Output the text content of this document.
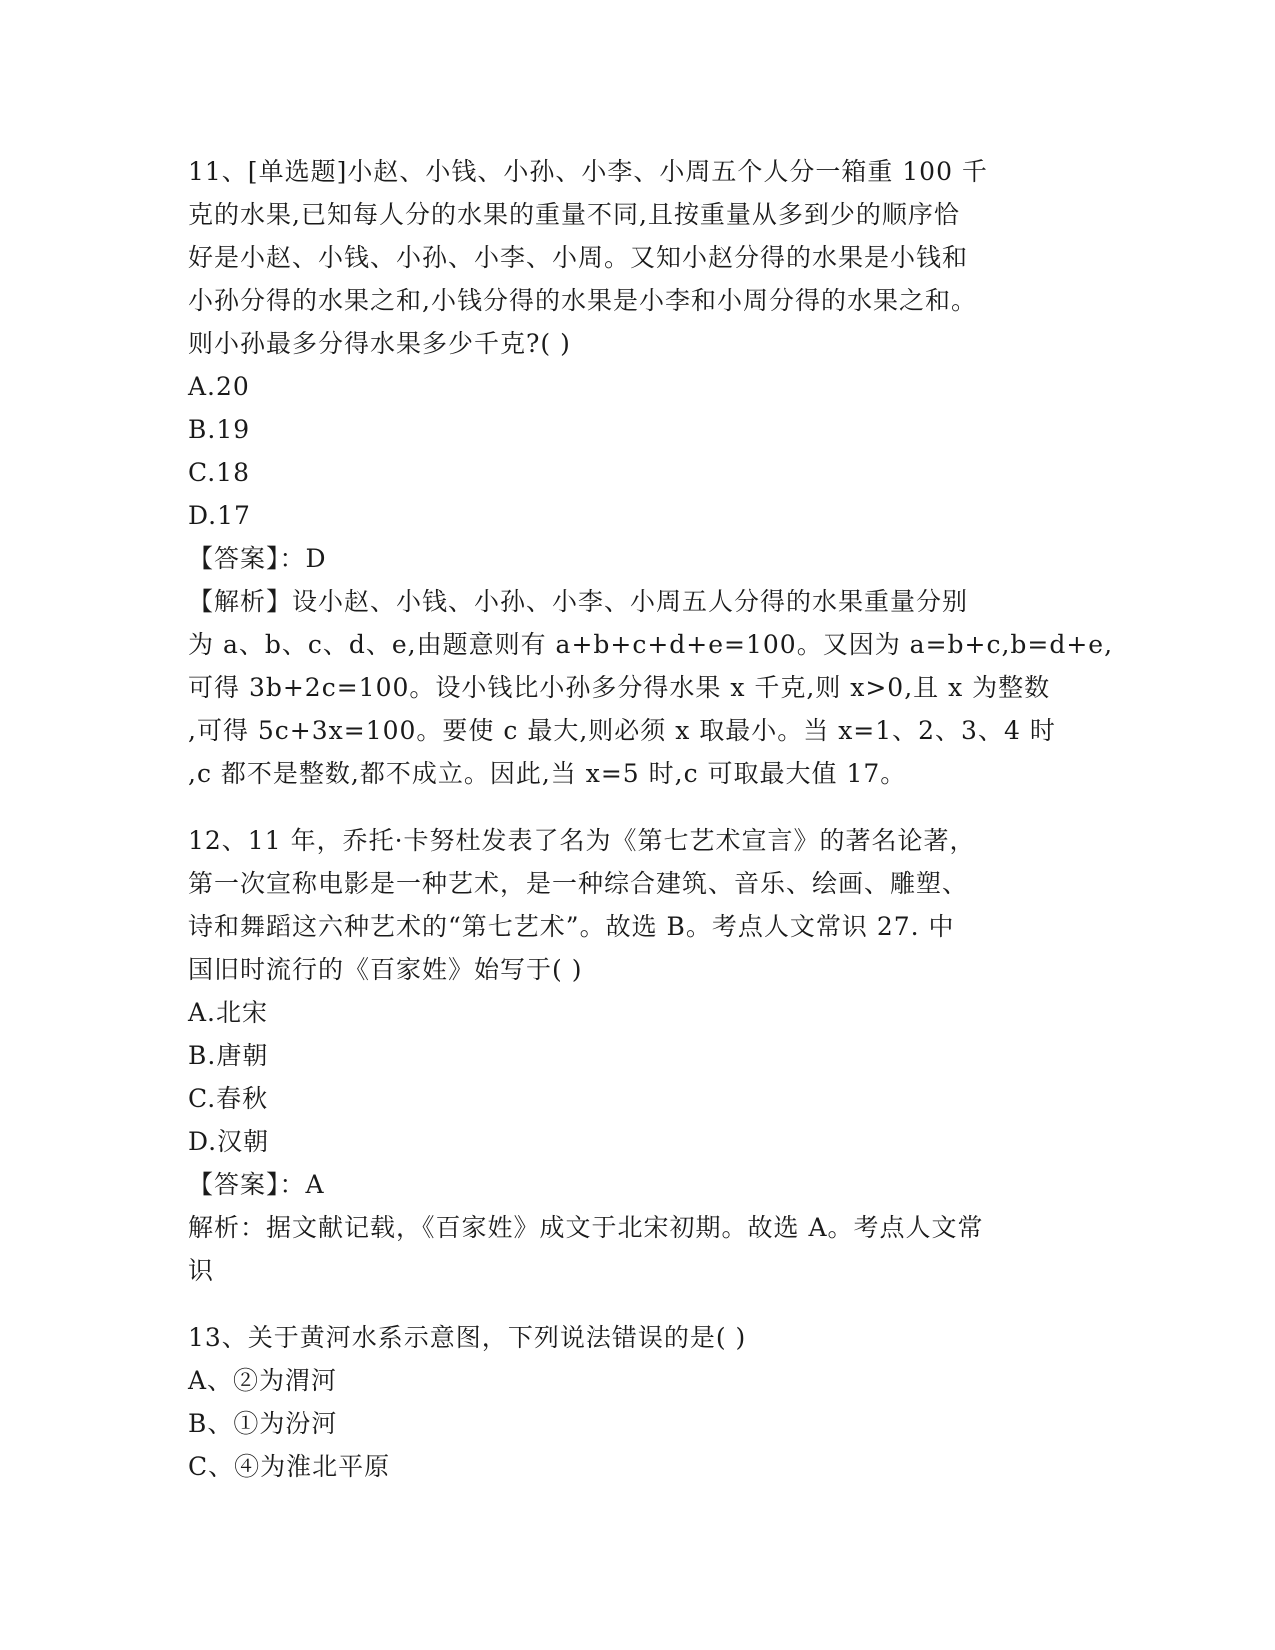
11、[单选题]小赵、小钱、小孙、小李、小周五个人分一箱重 100 千
克的水果,已知每人分的水果的重量不同,且按重量从多到少的顺序恰
好是小赵、小钱、小孙、小李、小周。又知小赵分得的水果是小钱和
小孙分得的水果之和,小钱分得的水果是小李和小周分得的水果之和。
则小孙最多分得水果多少千克?( )
A.20
B.19
C.18
D.17
【答案】：D
【解析】设小赵、小钱、小孙、小李、小周五人分得的水果重量分别
为 a、b、c、d、e,由题意则有 a+b+c+d+e=100。又因为 a=b+c,b=d+e,
可得 3b+2c=100。设小钱比小孙多分得水果 x 千克,则 x>0,且 x 为整数
,可得 5c+3x=100。要使 c 最大,则必须 x 取最小。当 x=1、2、3、4 时
,c 都不是整数,都不成立。因此,当 x=5 时,c 可取最大值 17。
12、11 年，乔托·卡努杜发表了名为《第七艺术宣言》的著名论著，
第一次宣称电影是一种艺术，是一种综合建筑、音乐、绘画、雕塑、
诗和舞蹈这六种艺术的“第七艺术”。故选 B。考点人文常识 27. 中
国旧时流行的《百家姓》始写于( )
A.北宋
B.唐朝
C.春秋
D.汉朝
【答案】：A
解析：据文献记载，《百家姓》成文于北宋初期。故选 A。考点人文常
识
13、关于黄河水系示意图，下列说法错误的是( )
A、②为渭河
B、①为汾河
C、④为淮北平原
